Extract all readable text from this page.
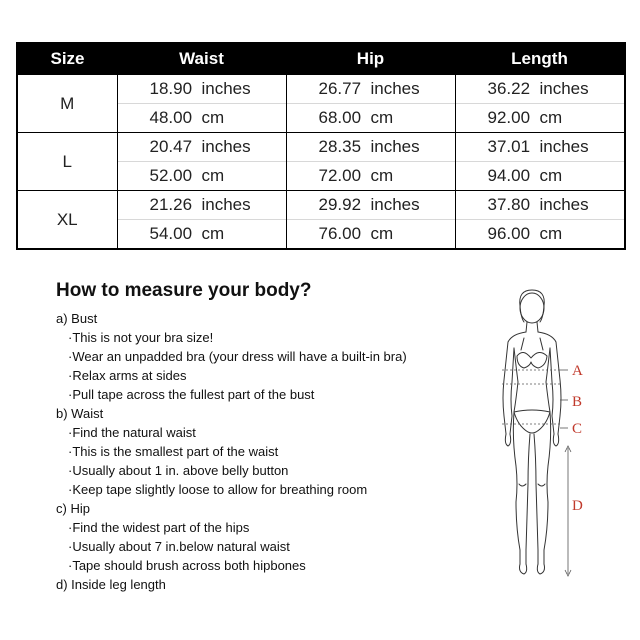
Size	Waist	Hip	Length
M	18.90  inches	26.77  inches	36.22  inches
	48.00  cm	68.00  cm	92.00  cm
L	20.47  inches	28.35  inches	37.01  inches
	52.00  cm	72.00  cm	94.00  cm
XL	21.26  inches	29.92  inches	37.80  inches
	54.00  cm	76.00  cm	96.00  cm
How to measure your body?
a) Bust
·This is not your bra size!
·Wear an unpadded bra (your dress will have a built-in bra)
·Relax arms at sides
·Pull tape across the fullest part of the bust
b) Waist
·Find the natural waist
·This is the smallest part of the waist
·Usually about 1 in. above belly button
·Keep tape slightly loose to allow for breathing room
c) Hip
·Find the widest part of the hips
·Usually about 7 in.below natural waist
·Tape should brush across both hipbones
d) Inside leg length
A
B
C
D
